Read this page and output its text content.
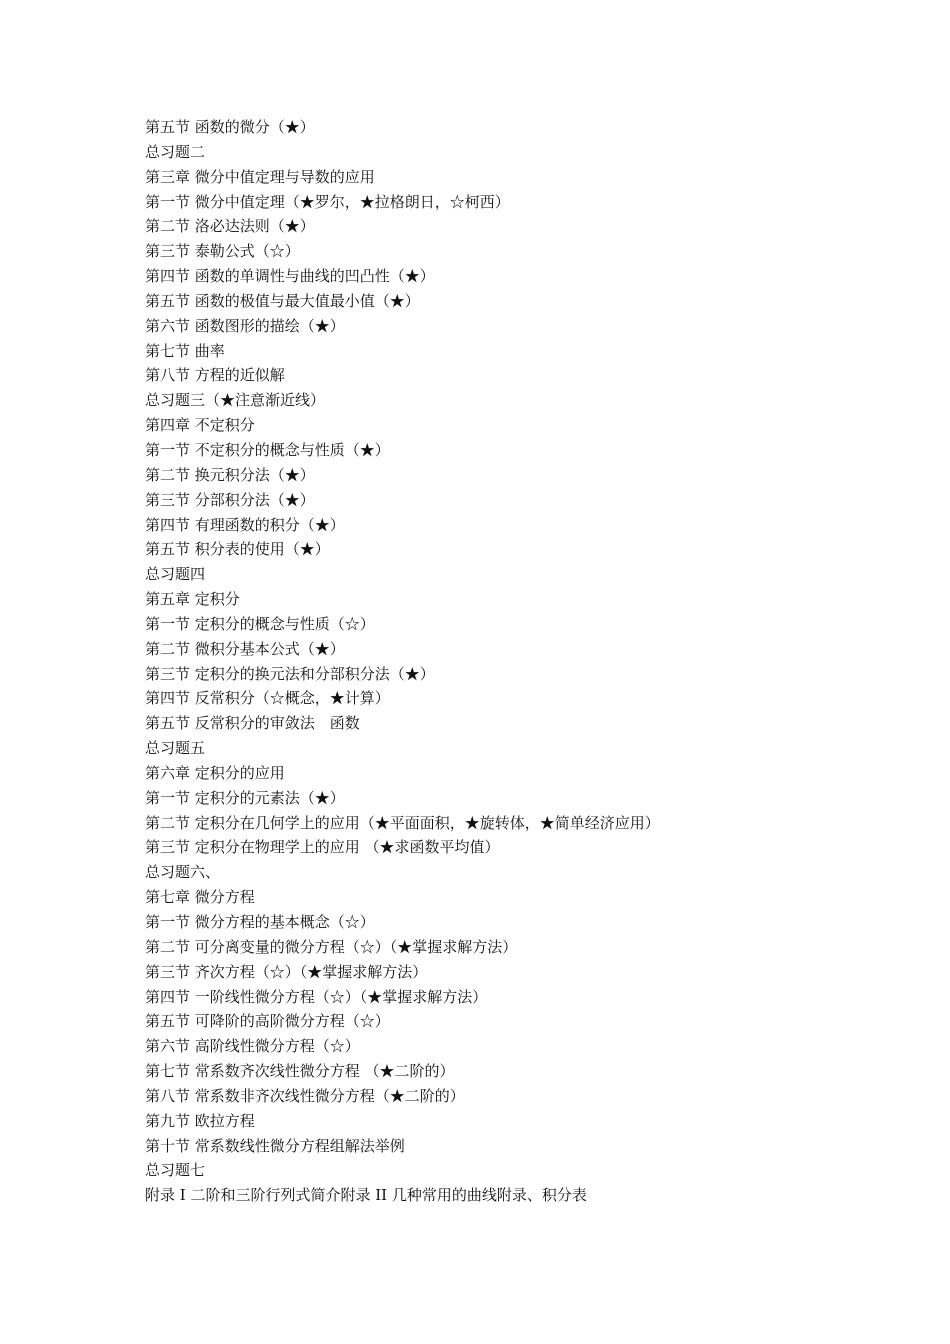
第五节 函数的微分（★）
总习题二
第三章 微分中值定理与导数的应用
第一节 微分中值定理（★罗尔，★拉格朗日，☆柯西）
第二节 洛必达法则（★）
第三节 泰勒公式（☆）
第四节 函数的单调性与曲线的凹凸性（★）
第五节 函数的极值与最大值最小值（★）
第六节 函数图形的描绘（★）
第七节 曲率
第八节 方程的近似解
总习题三（★注意渐近线）
第四章 不定积分
第一节 不定积分的概念与性质（★）
第二节 换元积分法（★）
第三节 分部积分法（★）
第四节 有理函数的积分（★）
第五节 积分表的使用（★）
总习题四
第五章 定积分
第一节 定积分的概念与性质（☆）
第二节 微积分基本公式（★）
第三节 定积分的换元法和分部积分法（★）
第四节 反常积分（☆概念，★计算）
第五节 反常积分的审敛法　函数
总习题五
第六章 定积分的应用
第一节 定积分的元素法（★）
第二节 定积分在几何学上的应用（★平面面积，★旋转体，★简单经济应用）
第三节 定积分在物理学上的应用 （★求函数平均值）
总习题六、
第七章 微分方程
第一节 微分方程的基本概念（☆）
第二节 可分离变量的微分方程（☆）（★掌握求解方法）
第三节 齐次方程（☆）（★掌握求解方法）
第四节 一阶线性微分方程（☆）（★掌握求解方法）
第五节 可降阶的高阶微分方程（☆）
第六节 高阶线性微分方程（☆）
第七节 常系数齐次线性微分方程 （★二阶的）
第八节 常系数非齐次线性微分方程（★二阶的）
第九节 欧拉方程
第十节 常系数线性微分方程组解法举例
总习题七
附录 I 二阶和三阶行列式简介附录 II 几种常用的曲线附录、积分表
